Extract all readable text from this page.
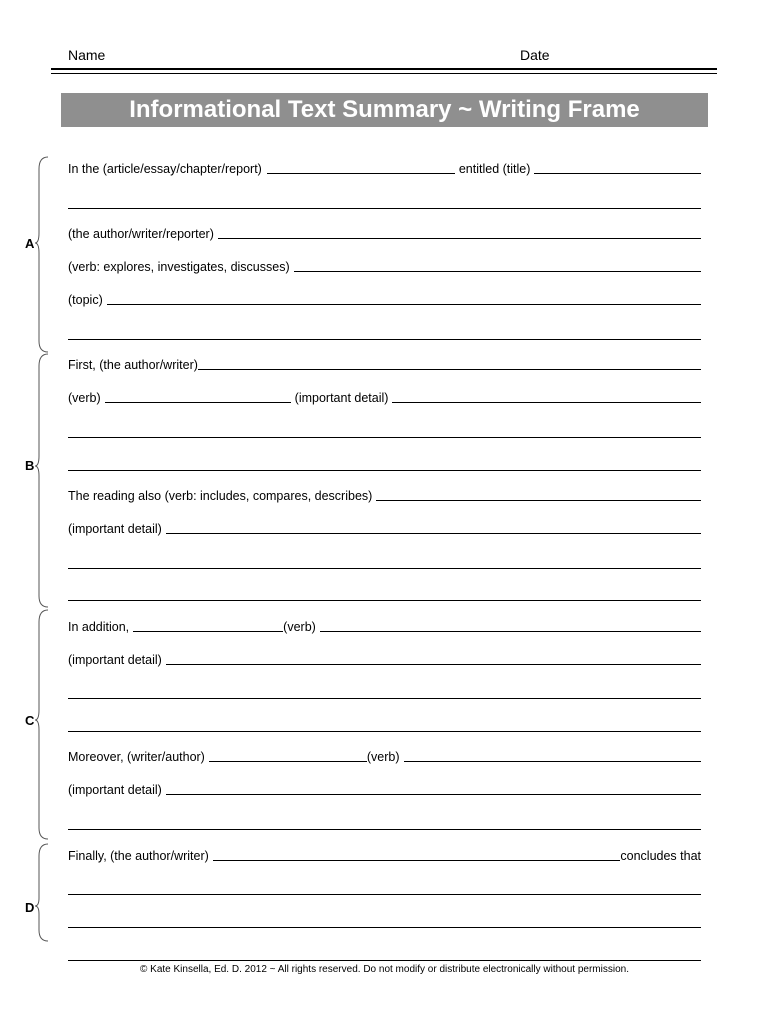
Name	Date
Informational Text Summary ~ Writing Frame
A
B
C
D
In the (article/essay/chapter/report)	entitled (title)
(the author/writer/reporter)
(verb: explores, investigates, discusses)
(topic)
First, (the author/writer)
(verb)	(important detail)
The reading also (verb: includes, compares, describes)
(important detail)
In addition,	(verb)
(important detail)
Moreover, (writer/author)	(verb)
(important detail)
Finally, (the author/writer)	concludes that
© Kate Kinsella, Ed. D. 2012 ~ All rights reserved. Do not modify or distribute electronically without permission.
